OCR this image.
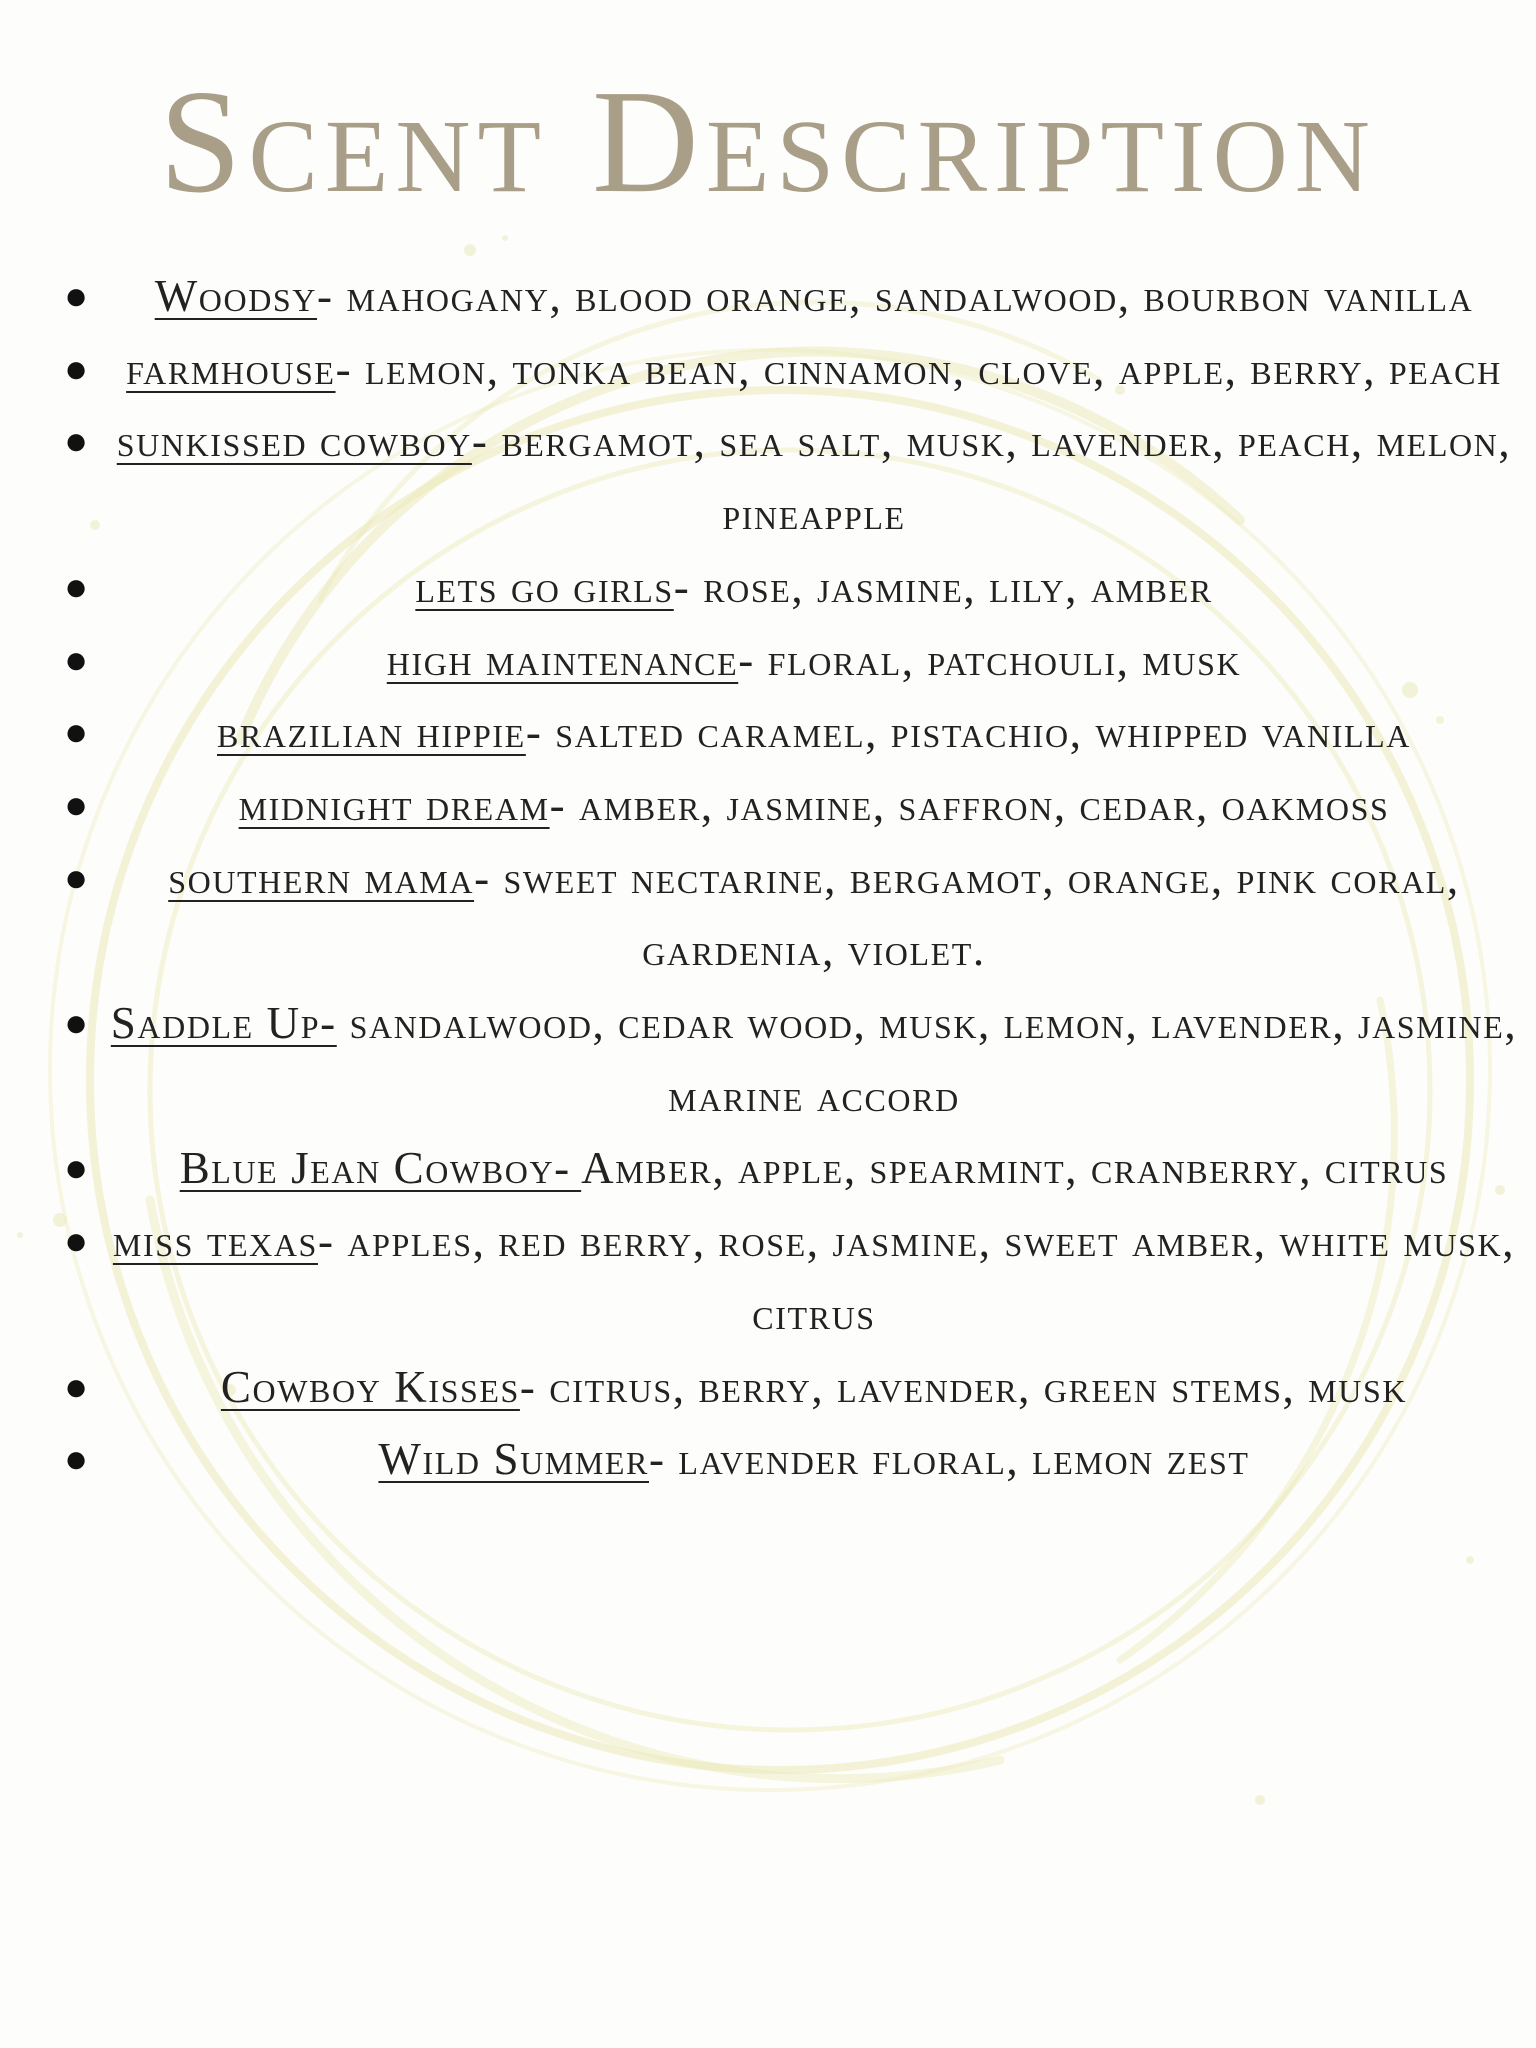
Scent Description
● Woodsy- mahogany, blood orange, sandalwood, bourbon vanilla
● farmhouse- lemon, tonka bean, cinnamon, clove, apple, berry, peach
● sunkissed cowboy- bergamot, sea salt, musk, lavender, peach, melon, pineapple
●	lets go girls- rose, jasmine, lily, amber
●	high maintenance- floral, patchouli, musk
●	brazilian hippie- salted caramel, pistachio, whipped vanilla
●	midnight dream- amber, jasmine, saffron, cedar, oakmoss
● southern mama- sweet nectarine, bergamot, orange, pink coral, gardenia, violet.
● Saddle Up- sandalwood, cedar wood, musk, lemon, lavender, jasmine, marine accord
● Blue Jean Cowboy- Amber, apple, spearmint, cranberry, citrus
● miss texas- apples, red berry, rose, jasmine, sweet amber, white musk, citrus
●	Cowboy Kisses- citrus, berry, lavender, green stems, musk
●	Wild Summer- lavender floral, lemon zest
